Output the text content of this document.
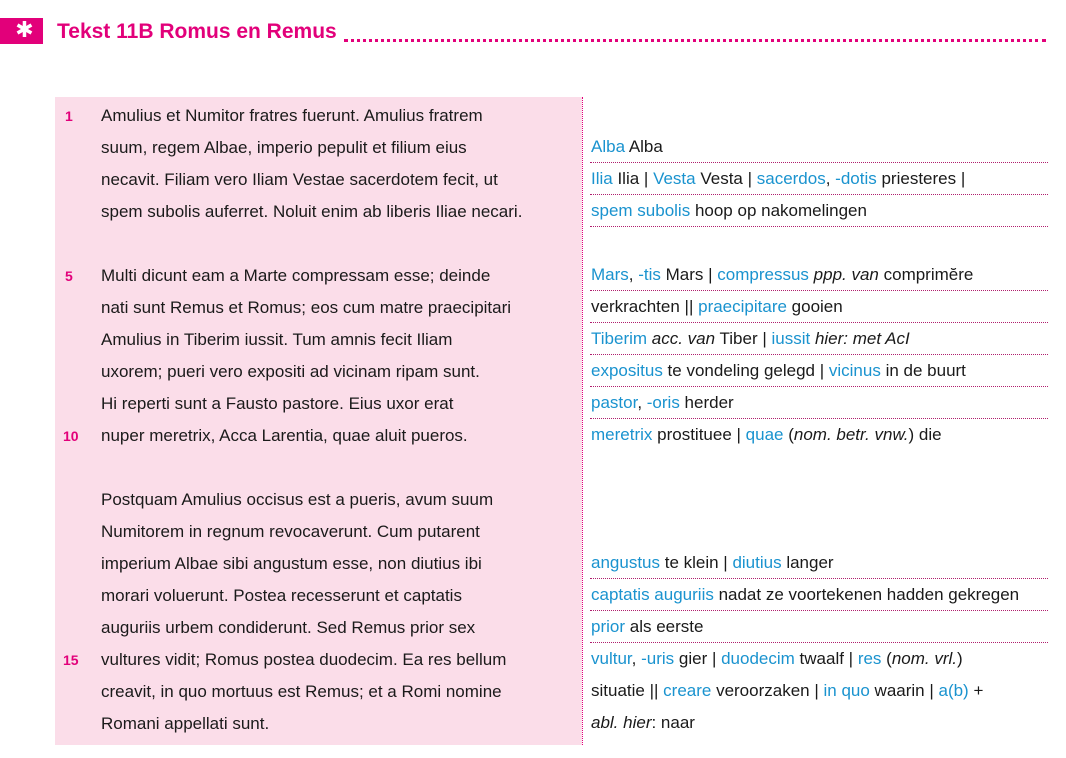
✱	Tekst 11B Romus en Remus
1 Amulius et Numitor fratres fuerunt. Amulius fratrem
suum, regem Albae, imperio pepulit et filium eius
necavit. Filiam vero Iliam Vestae sacerdotem fecit, ut
spem subolis auferret. Noluit enim ab liberis Iliae necari.
5 Multi dicunt eam a Marte compressam esse; deinde
nati sunt Remus et Romus; eos cum matre praecipitari
Amulius in Tiberim iussit. Tum amnis fecit Iliam
uxorem; pueri vero expositi ad vicinam ripam sunt.
Hi reperti sunt a Fausto pastore. Eius uxor erat
10 nuper meretrix, Acca Larentia, quae aluit pueros.
Postquam Amulius occisus est a pueris, avum suum
Numitorem in regnum revocaverunt. Cum putarent
imperium Albae sibi angustum esse, non diutius ibi
morari voluerunt. Postea recesserunt et captatis
auguriis urbem condiderunt. Sed Remus prior sex
15 vultures vidit; Romus postea duodecim. Ea res bellum
creavit, in quo mortuus est Remus; et a Romi nomine
Romani appellati sunt.
Alba Alba
Ilia Ilia | Vesta Vesta | sacerdos, -dotis priesteres |
spem subolis hoop op nakomelingen
Mars, -tis Mars | compressus ppp. van comprimĕre
verkrachten || praecipitare gooien
Tiberim acc. van Tiber | iussit hier: met AcI
expositus te vondeling gelegd | vicinus in de buurt
pastor, -oris herder
meretrix prostituee | quae (nom. betr. vnw.) die
angustus te klein | diutius langer
captatis auguriis nadat ze voortekenen hadden gekregen
prior als eerste
vultur, -uris gier | duodecim twaalf | res (nom. vrl.)
situatie || creare veroorzaken | in quo waarin | a(b) +
abl. hier: naar
